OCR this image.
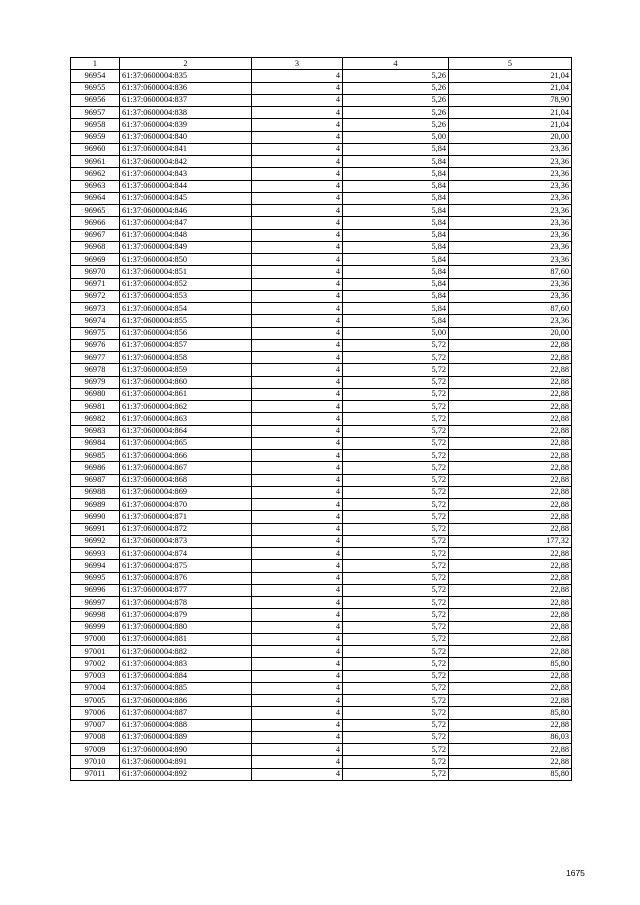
1	2	3	4	5
96954	61:37:0600004:835	4	5,26	21,04
96955	61:37:0600004:836	4	5,26	21,04
96956	61:37:0600004:837	4	5,26	78,90
96957	61:37:0600004:838	4	5,26	21,04
96958	61:37:0600004:839	4	5,26	21,04
96959	61:37:0600004:840	4	5,00	20,00
96960	61:37:0600004:841	4	5,84	23,36
96961	61:37:0600004:842	4	5,84	23,36
96962	61:37:0600004:843	4	5,84	23,36
96963	61:37:0600004:844	4	5,84	23,36
96964	61:37:0600004:845	4	5,84	23,36
96965	61:37:0600004:846	4	5,84	23,36
96966	61:37:0600004:847	4	5,84	23,36
96967	61:37:0600004:848	4	5,84	23,36
96968	61:37:0600004:849	4	5,84	23,36
96969	61:37:0600004:850	4	5,84	23,36
96970	61:37:0600004:851	4	5,84	87,60
96971	61:37:0600004:852	4	5,84	23,36
96972	61:37:0600004:853	4	5,84	23,36
96973	61:37:0600004:854	4	5,84	87,60
96974	61:37:0600004:855	4	5,84	23,36
96975	61:37:0600004:856	4	5,00	20,00
96976	61:37:0600004:857	4	5,72	22,88
96977	61:37:0600004:858	4	5,72	22,88
96978	61:37:0600004:859	4	5,72	22,88
96979	61:37:0600004:860	4	5,72	22,88
96980	61:37:0600004:861	4	5,72	22,88
96981	61:37:0600004:862	4	5,72	22,88
96982	61:37:0600004:863	4	5,72	22,88
96983	61:37:0600004:864	4	5,72	22,88
96984	61:37:0600004:865	4	5,72	22,88
96985	61:37:0600004:866	4	5,72	22,88
96986	61:37:0600004:867	4	5,72	22,88
96987	61:37:0600004:868	4	5,72	22,88
96988	61:37:0600004:869	4	5,72	22,88
96989	61:37:0600004:870	4	5,72	22,88
96990	61:37:0600004:871	4	5,72	22,88
96991	61:37:0600004:872	4	5,72	22,88
96992	61:37:0600004:873	4	5,72	177,32
96993	61:37:0600004:874	4	5,72	22,88
96994	61:37:0600004:875	4	5,72	22,88
96995	61:37:0600004:876	4	5,72	22,88
96996	61:37:0600004:877	4	5,72	22,88
96997	61:37:0600004:878	4	5,72	22,88
96998	61:37:0600004:879	4	5,72	22,88
96999	61:37:0600004:880	4	5,72	22,88
97000	61:37:0600004:881	4	5,72	22,88
97001	61:37:0600004:882	4	5,72	22,88
97002	61:37:0600004:883	4	5,72	85,80
97003	61:37:0600004:884	4	5,72	22,88
97004	61:37:0600004:885	4	5,72	22,88
97005	61:37:0600004:886	4	5,72	22,88
97006	61:37:0600004:887	4	5,72	85,80
97007	61:37:0600004:888	4	5,72	22,88
97008	61:37:0600004:889	4	5,72	86,03
97009	61:37:0600004:890	4	5,72	22,88
97010	61:37:0600004:891	4	5,72	22,88
97011	61:37:0600004:892	4	5,72	85,80
1675
